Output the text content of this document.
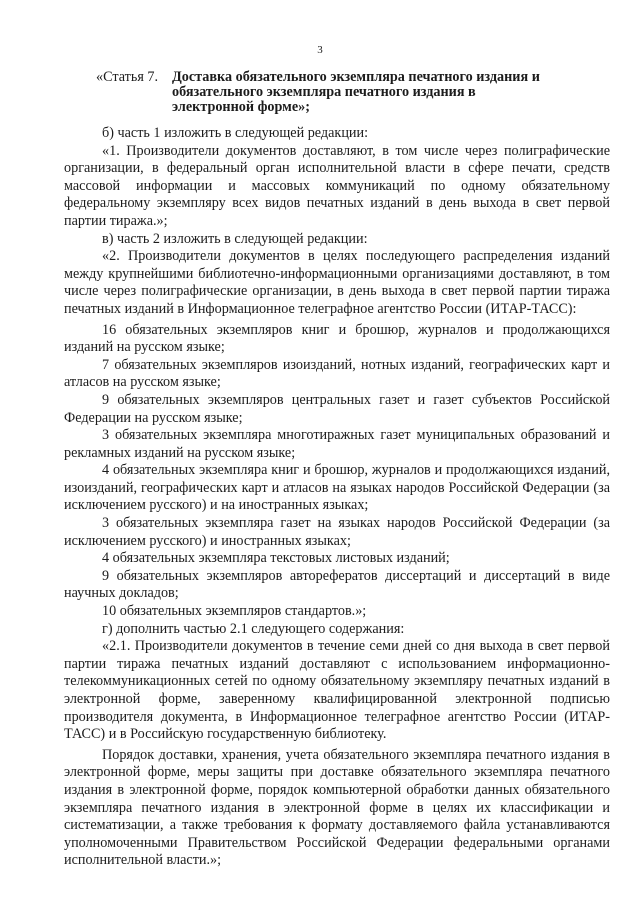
3
«Статья 7. Доставка обязательного экземпляра печатного издания и обязательного экземпляра печатного издания в электронной форме»;

б) часть 1 изложить в следующей редакции:

«1. Производители документов доставляют, в том числе через полиграфические организации, в федеральный орган исполнительной власти в сфере печати, средств массовой информации и массовых коммуникаций по одному обязательному федеральному экземпляру всех видов печатных изданий в день выхода в свет первой партии тиража.»;

в) часть 2 изложить в следующей редакции:

«2. Производители документов в целях последующего распределения изданий между крупнейшими библиотечно-информационными организациями доставляют, в том числе через полиграфические организации, в день выхода в свет первой партии тиража печатных изданий в Информационное телеграфное агентство России (ИТАР-ТАСС):

16 обязательных экземпляров книг и брошюр, журналов и продолжающихся изданий на русском языке;

7 обязательных экземпляров изоизданий, нотных изданий, географических карт и атласов на русском языке;

9 обязательных экземпляров центральных газет и газет субъектов Российской Федерации на русском языке;

3 обязательных экземпляра многотиражных газет муниципальных образований и рекламных изданий на русском языке;

4 обязательных экземпляра книг и брошюр, журналов и продолжающихся изданий, изоизданий, географических карт и атласов на языках народов Российской Федерации (за исключением русского) и на иностранных языках;

3 обязательных экземпляра газет на языках народов Российской Федерации (за исключением русского) и иностранных языках;

4 обязательных экземпляра текстовых листовых изданий;

9 обязательных экземпляров авторефератов диссертаций и диссертаций в виде научных докладов;

10 обязательных экземпляров стандартов.»;

г) дополнить частью 2.1 следующего содержания:

«2.1. Производители документов в течение семи дней со дня выхода в свет первой партии тиража печатных изданий доставляют с использованием информационно-телекоммуникационных сетей по одному обязательному экземпляру печатных изданий в электронной форме, заверенному квалифицированной электронной подписью производителя документа, в Информационное телеграфное агентство России (ИТАР-ТАСС) и в Российскую государственную библиотеку.

Порядок доставки, хранения, учета обязательного экземпляра печатного издания в электронной форме, меры защиты при доставке обязательного экземпляра печатного издания в электронной форме, порядок компьютерной обработки данных обязательного экземпляра печатного издания в электронной форме в целях их классификации и систематизации, а также требования к формату доставляемого файла устанавливаются уполномоченными Правительством Российской Федерации федеральными органами исполнительной власти.»;
